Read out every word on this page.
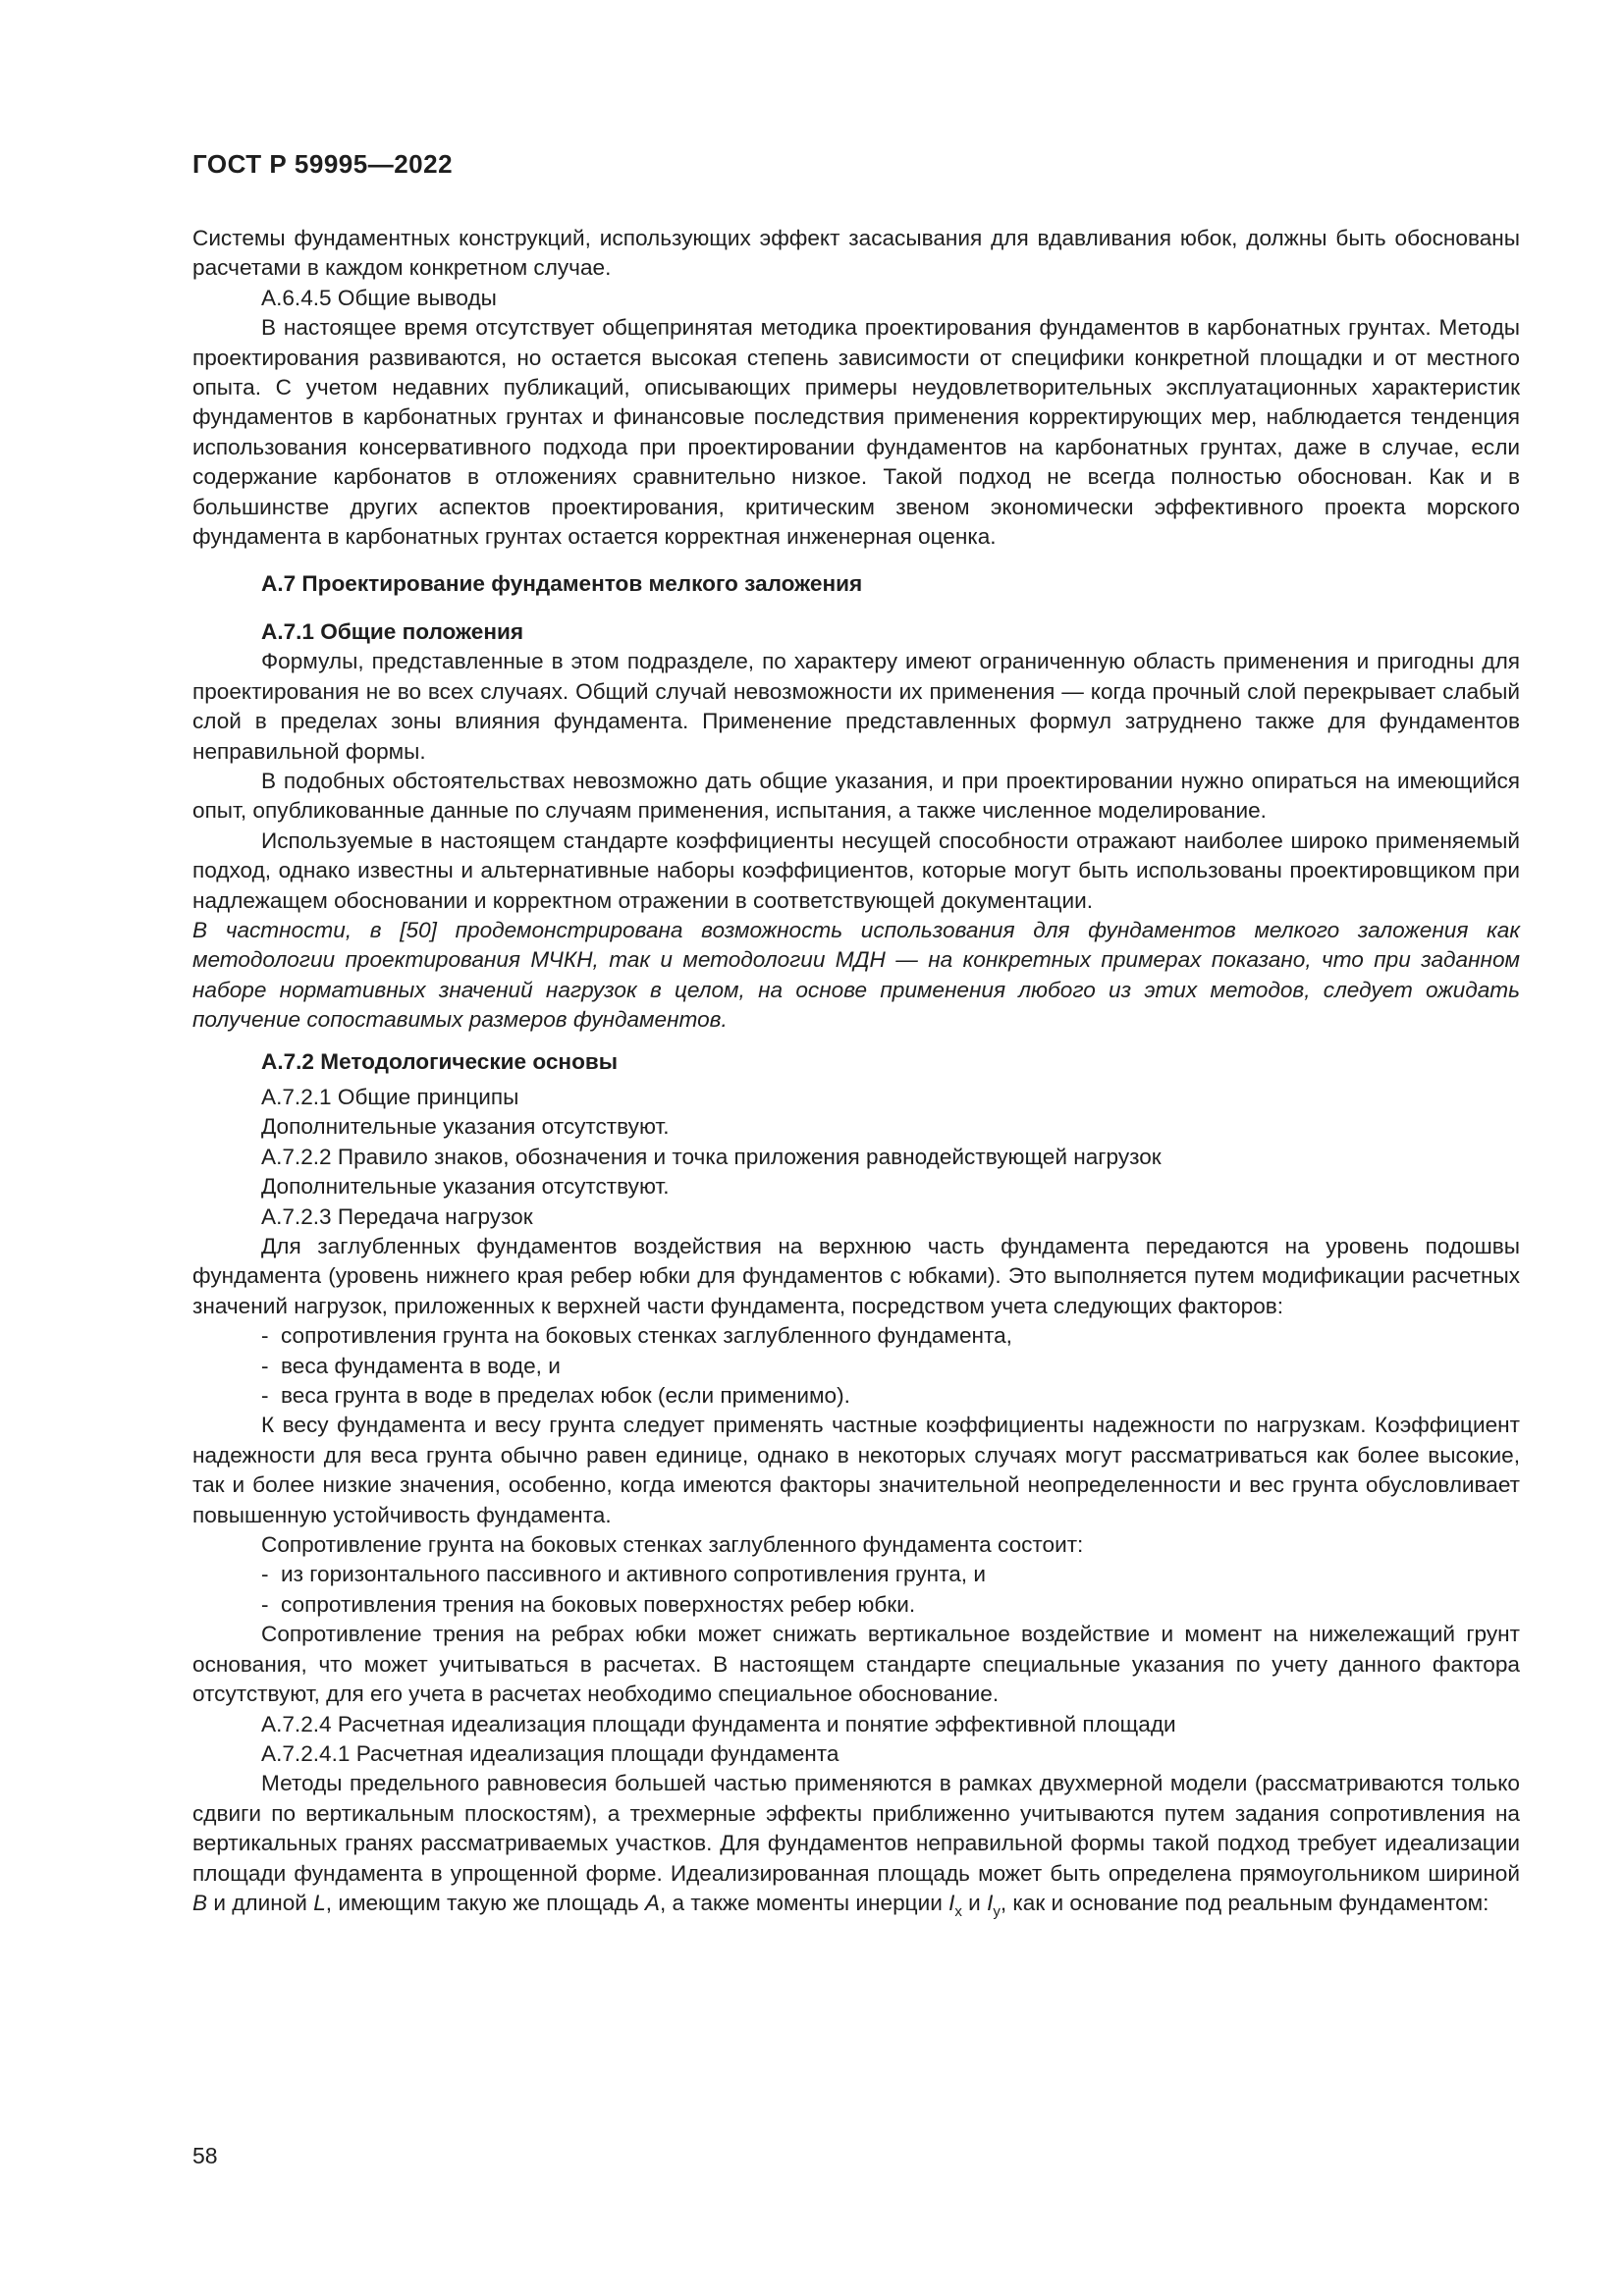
ГОСТ Р 59995—2022

Системы фундаментных конструкций, использующих эффект засасывания для вдавливания юбок, должны быть обоснованы расчетами в каждом конкретном случае.

А.6.4.5 Общие выводы

В настоящее время отсутствует общепринятая методика проектирования фундаментов в карбонатных грунтах. Методы проектирования развиваются, но остается высокая степень зависимости от специфики конкретной площадки и от местного опыта. С учетом недавних публикаций, описывающих примеры неудовлетворительных эксплуатационных характеристик фундаментов в карбонатных грунтах и финансовые последствия применения корректирующих мер, наблюдается тенденция использования консервативного подхода при проектировании фундаментов на карбонатных грунтах, даже в случае, если содержание карбонатов в отложениях сравнительно низкое. Такой подход не всегда полностью обоснован. Как и в большинстве других аспектов проектирования, критическим звеном экономически эффективного проекта морского фундамента в карбонатных грунтах остается корректная инженерная оценка.

А.7 Проектирование фундаментов мелкого заложения

А.7.1 Общие положения

Формулы, представленные в этом подразделе, по характеру имеют ограниченную область применения и пригодны для проектирования не во всех случаях. Общий случай невозможности их применения — когда прочный слой перекрывает слабый слой в пределах зоны влияния фундамента. Применение представленных формул затруднено также для фундаментов неправильной формы.

В подобных обстоятельствах невозможно дать общие указания, и при проектировании нужно опираться на имеющийся опыт, опубликованные данные по случаям применения, испытания, а также численное моделирование.

Используемые в настоящем стандарте коэффициенты несущей способности отражают наиболее широко применяемый подход, однако известны и альтернативные наборы коэффициентов, которые могут быть использованы проектировщиком при надлежащем обосновании и корректном отражении в соответствующей документации.

В частности, в [50] продемонстрирована возможность использования для фундаментов мелкого заложения как методологии проектирования МЧКН, так и методологии МДН — на конкретных примерах показано, что при заданном наборе нормативных значений нагрузок в целом, на основе применения любого из этих методов, следует ожидать получение сопоставимых размеров фундаментов.

А.7.2 Методологические основы

А.7.2.1 Общие принципы

Дополнительные указания отсутствуют.

А.7.2.2 Правило знаков, обозначения и точка приложения равнодействующей нагрузок

Дополнительные указания отсутствуют.

А.7.2.3 Передача нагрузок

Для заглубленных фундаментов воздействия на верхнюю часть фундамента передаются на уровень подошвы фундамента (уровень нижнего края ребер юбки для фундаментов с юбками). Это выполняется путем модификации расчетных значений нагрузок, приложенных к верхней части фундамента, посредством учета следующих факторов:

- сопротивления грунта на боковых стенках заглубленного фундамента,

- веса фундамента в воде, и

- веса грунта в воде в пределах юбок (если применимо).

К весу фундамента и весу грунта следует применять частные коэффициенты надежности по нагрузкам. Коэффициент надежности для веса грунта обычно равен единице, однако в некоторых случаях могут рассматриваться как более высокие, так и более низкие значения, особенно, когда имеются факторы значительной неопределенности и вес грунта обусловливает повышенную устойчивость фундамента.

Сопротивление грунта на боковых стенках заглубленного фундамента состоит:

- из горизонтального пассивного и активного сопротивления грунта, и

- сопротивления трения на боковых поверхностях ребер юбки.

Сопротивление трения на ребрах юбки может снижать вертикальное воздействие и момент на нижележащий грунт основания, что может учитываться в расчетах. В настоящем стандарте специальные указания по учету данного фактора отсутствуют, для его учета в расчетах необходимо специальное обоснование.

А.7.2.4 Расчетная идеализация площади фундамента и понятие эффективной площади

А.7.2.4.1 Расчетная идеализация площади фундамента

Методы предельного равновесия большей частью применяются в рамках двухмерной модели (рассматриваются только сдвиги по вертикальным плоскостям), а трехмерные эффекты приближенно учитываются путем задания сопротивления на вертикальных гранях рассматриваемых участков. Для фундаментов неправильной формы такой подход требует идеализации площади фундамента в упрощенной форме. Идеализированная площадь может быть определена прямоугольником шириной B и длиной L, имеющим такую же площадь A, а также моменты инерции $I_x$ и $I_y$, как и основание под реальным фундаментом:

58
